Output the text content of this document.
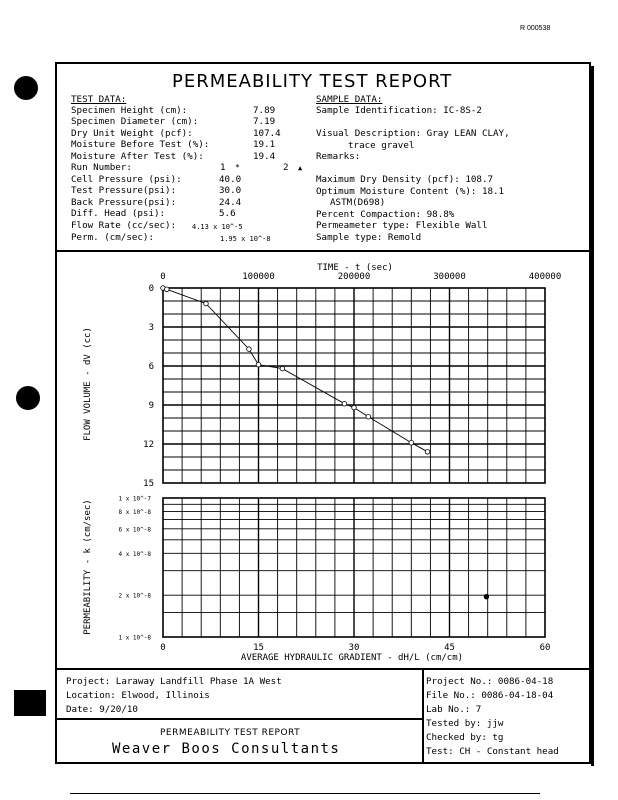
R 000538
PERMEABILITY TEST REPORT
TEST DATA:
Specimen Height (cm):	7.89
Specimen Diameter (cm):	7.19
Dry Unit Weight (pcf):	107.4
Moisture Before Test (%):	19.1
Moisture After Test (%):	19.4
Run Number:	1 *	2 ▲
Cell Pressure (psi):	40.0
Test Pressure(psi):	30.0
Back Pressure(psi):	24.4
Diff. Head (psi):	5.6
Flow Rate (cc/sec): 4.13 x 10^-5
Perm. (cm/sec):	1.95 x 10^-8
SAMPLE DATA:
Sample Identification: IC-8S-2
Visual Description: Gray LEAN CLAY,
trace gravel
Remarks:
Maximum Dry Density (pcf): 108.7
Optimum Moisture Content (%): 18.1
ASTM(D698)
Percent Compaction: 98.8%
Permeameter type: Flexible Wall
Sample type: Remold
0	100000	200000	300000	400000
0
3
6
9
12
15
TIME - t (sec)
FLOW VOLUME - dV (cc)
1 x 10^-7
8 x 10^-8
6 x 10^-8
4 x 10^-8
2 x 10^-8
1 x 10^-8
0	15	30	45	60
AVERAGE HYDRAULIC GRADIENT - dH/L (cm/cm)
PERMEABILITY - k (cm/sec)
Project: Laraway Landfill Phase 1A West
Location: Elwood, Illinois
Date: 9/20/10
PERMEABILITY TEST REPORT
Weaver Boos Consultants
Project No.: 0086-04-18
File No.: 0086-04-18-04
Lab No.: 7
Tested by: jjw
Checked by: tg
Test: CH - Constant head
